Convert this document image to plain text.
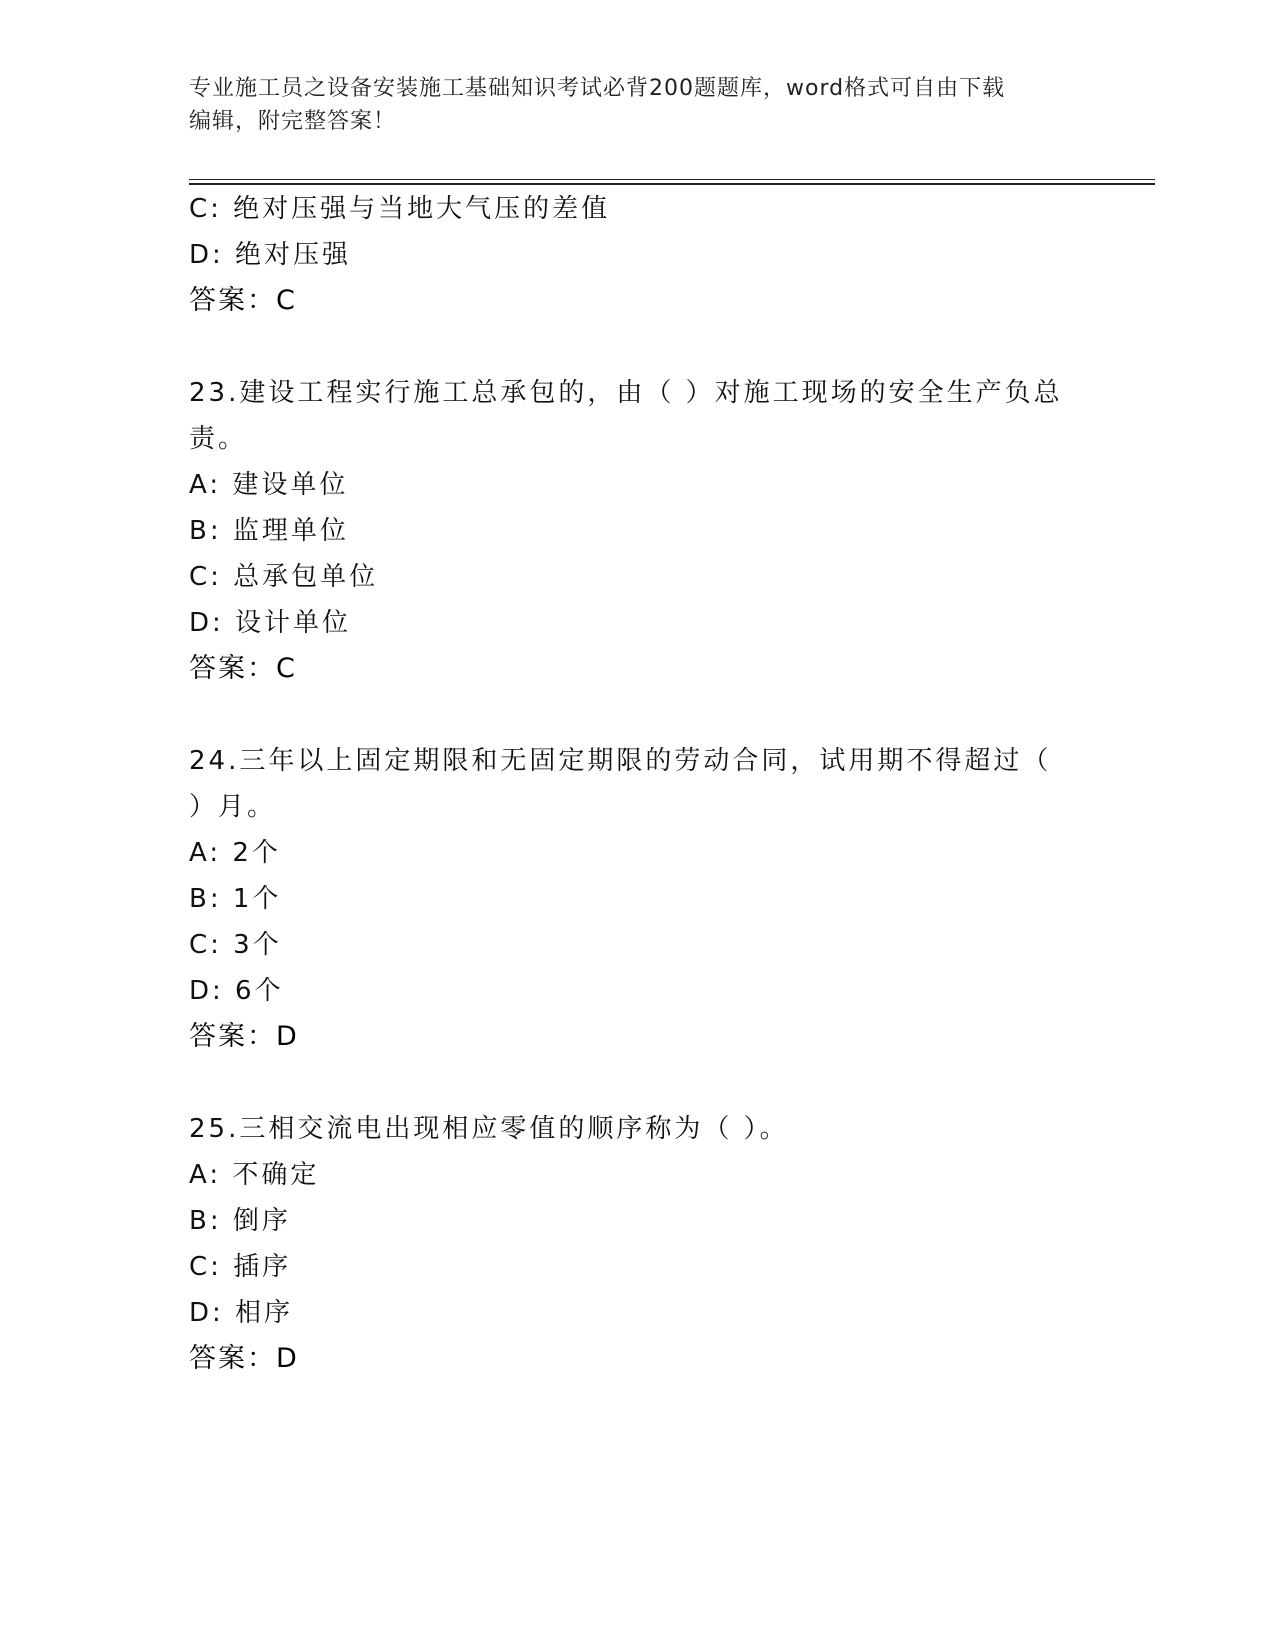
专业施工员之设备安装施工基础知识考试必背200题题库，word格式可自由下载
编辑，附完整答案！
C: 绝对压强与当地大气压的差值
D: 绝对压强
答案：C
23.建设工程实行施工总承包的，由（ ）对施工现场的安全生产负总
责。
A: 建设单位
B: 监理单位
C: 总承包单位
D: 设计单位
答案：C
24.三年以上固定期限和无固定期限的劳动合同，试用期不得超过（
）月。
A: 2个
B: 1个
C: 3个
D: 6个
答案：D
25.三相交流电出现相应零值的顺序称为（ ）。
A: 不确定
B: 倒序
C: 插序
D: 相序
答案：D
